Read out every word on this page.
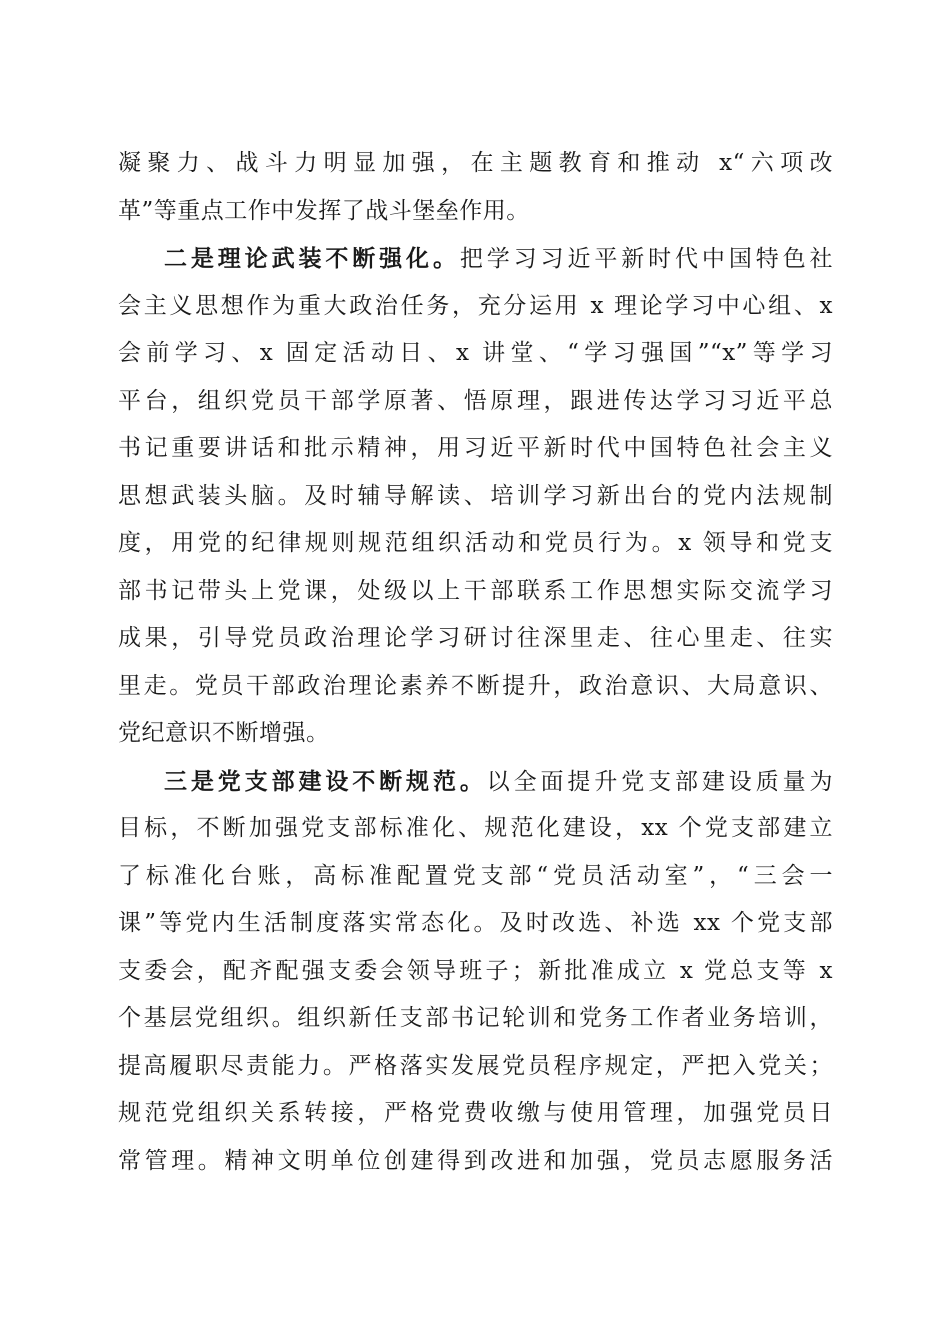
凝聚力、战斗力明显加强，在主题教育和推动 x“六项改
革”等重点工作中发挥了战斗堡垒作用。
二是理论武装不断强化。把学习习近平新时代中国特色社
会主义思想作为重大政治任务，充分运用 x 理论学习中心组、x
会前学习、x 固定活动日、x 讲堂、“学习强国”“x”等学习
平台，组织党员干部学原著、悟原理，跟进传达学习习近平总
书记重要讲话和批示精神，用习近平新时代中国特色社会主义
思想武装头脑。及时辅导解读、培训学习新出台的党内法规制
度，用党的纪律规则规范组织活动和党员行为。x 领导和党支
部书记带头上党课，处级以上干部联系工作思想实际交流学习
成果，引导党员政治理论学习研讨往深里走、往心里走、往实
里走。党员干部政治理论素养不断提升，政治意识、大局意识、
党纪意识不断增强。
三是党支部建设不断规范。以全面提升党支部建设质量为
目标，不断加强党支部标准化、规范化建设，xx 个党支部建立
了标准化台账，高标准配置党支部“党员活动室”，“三会一
课”等党内生活制度落实常态化。及时改选、补选 xx 个党支部
支委会，配齐配强支委会领导班子；新批准成立 x 党总支等 x
个基层党组织。组织新任支部书记轮训和党务工作者业务培训，
提高履职尽责能力。严格落实发展党员程序规定，严把入党关；
规范党组织关系转接，严格党费收缴与使用管理，加强党员日
常管理。精神文明单位创建得到改进和加强，党员志愿服务活
